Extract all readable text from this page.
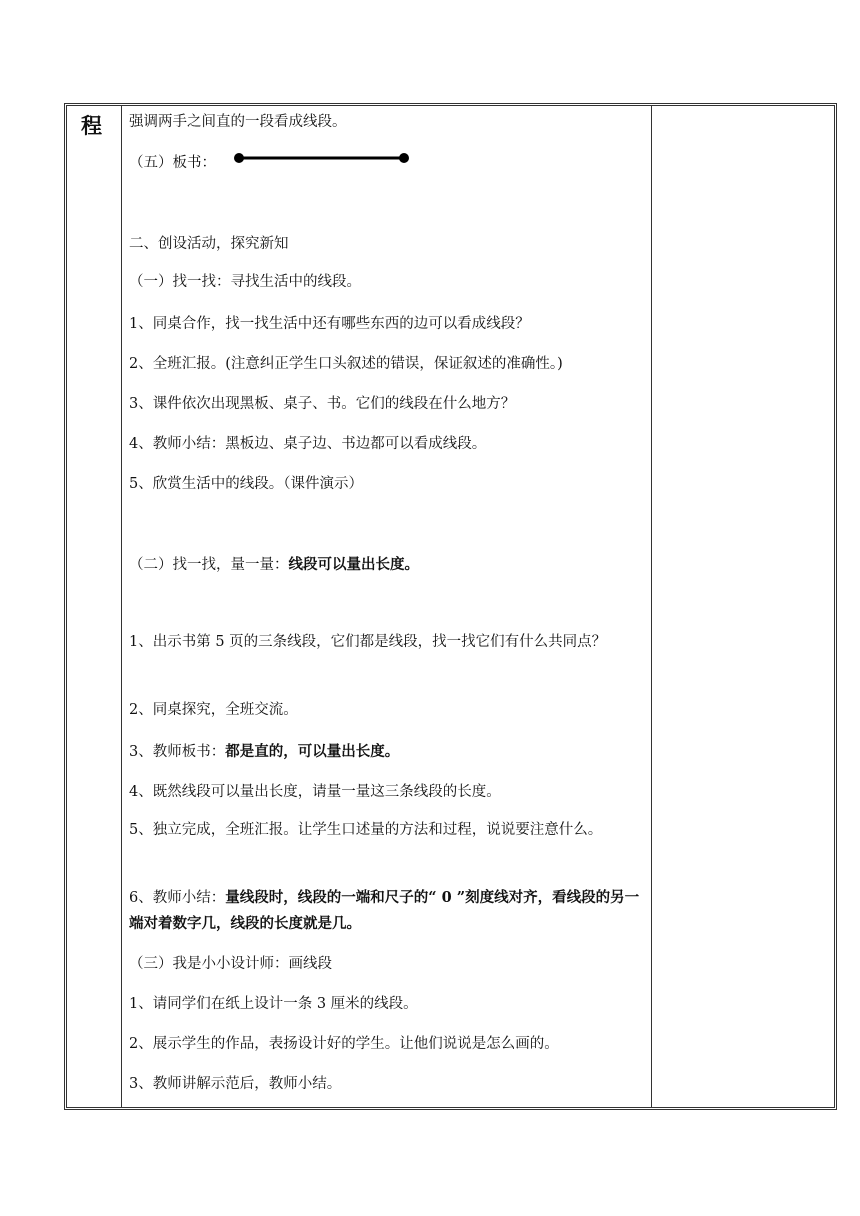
程 强调两手之间直的一段看成线段。
（五）板书：
二、创设活动，探究新知
（一）找一找：寻找生活中的线段。
1、同桌合作，找一找生活中还有哪些东西的边可以看成线段？
2、全班汇报。(注意纠正学生口头叙述的错误，保证叙述的准确性。)
3、课件依次出现黑板、桌子、书。它们的线段在什么地方？
4、教师小结：黑板边、桌子边、书边都可以看成线段。
5、欣赏生活中的线段。（课件演示）
（二）找一找，量一量：线段可以量出长度。
1、出示书第 5 页的三条线段，它们都是线段，找一找它们有什么共同点？
2、同桌探究，全班交流。
3、教师板书：都是直的，可以量出长度。
4、既然线段可以量出长度，请量一量这三条线段的长度。
5、独立完成，全班汇报。让学生口述量的方法和过程，说说要注意什么。
6、教师小结：量线段时，线段的一端和尺子的“ 0 ”刻度线对齐，看线段的另一端对着数字几，线段的长度就是几。
（三）我是小小设计师：画线段
1、请同学们在纸上设计一条 3 厘米的线段。
2、展示学生的作品，表扬设计好的学生。让他们说说是怎么画的。
3、教师讲解示范后，教师小结。
